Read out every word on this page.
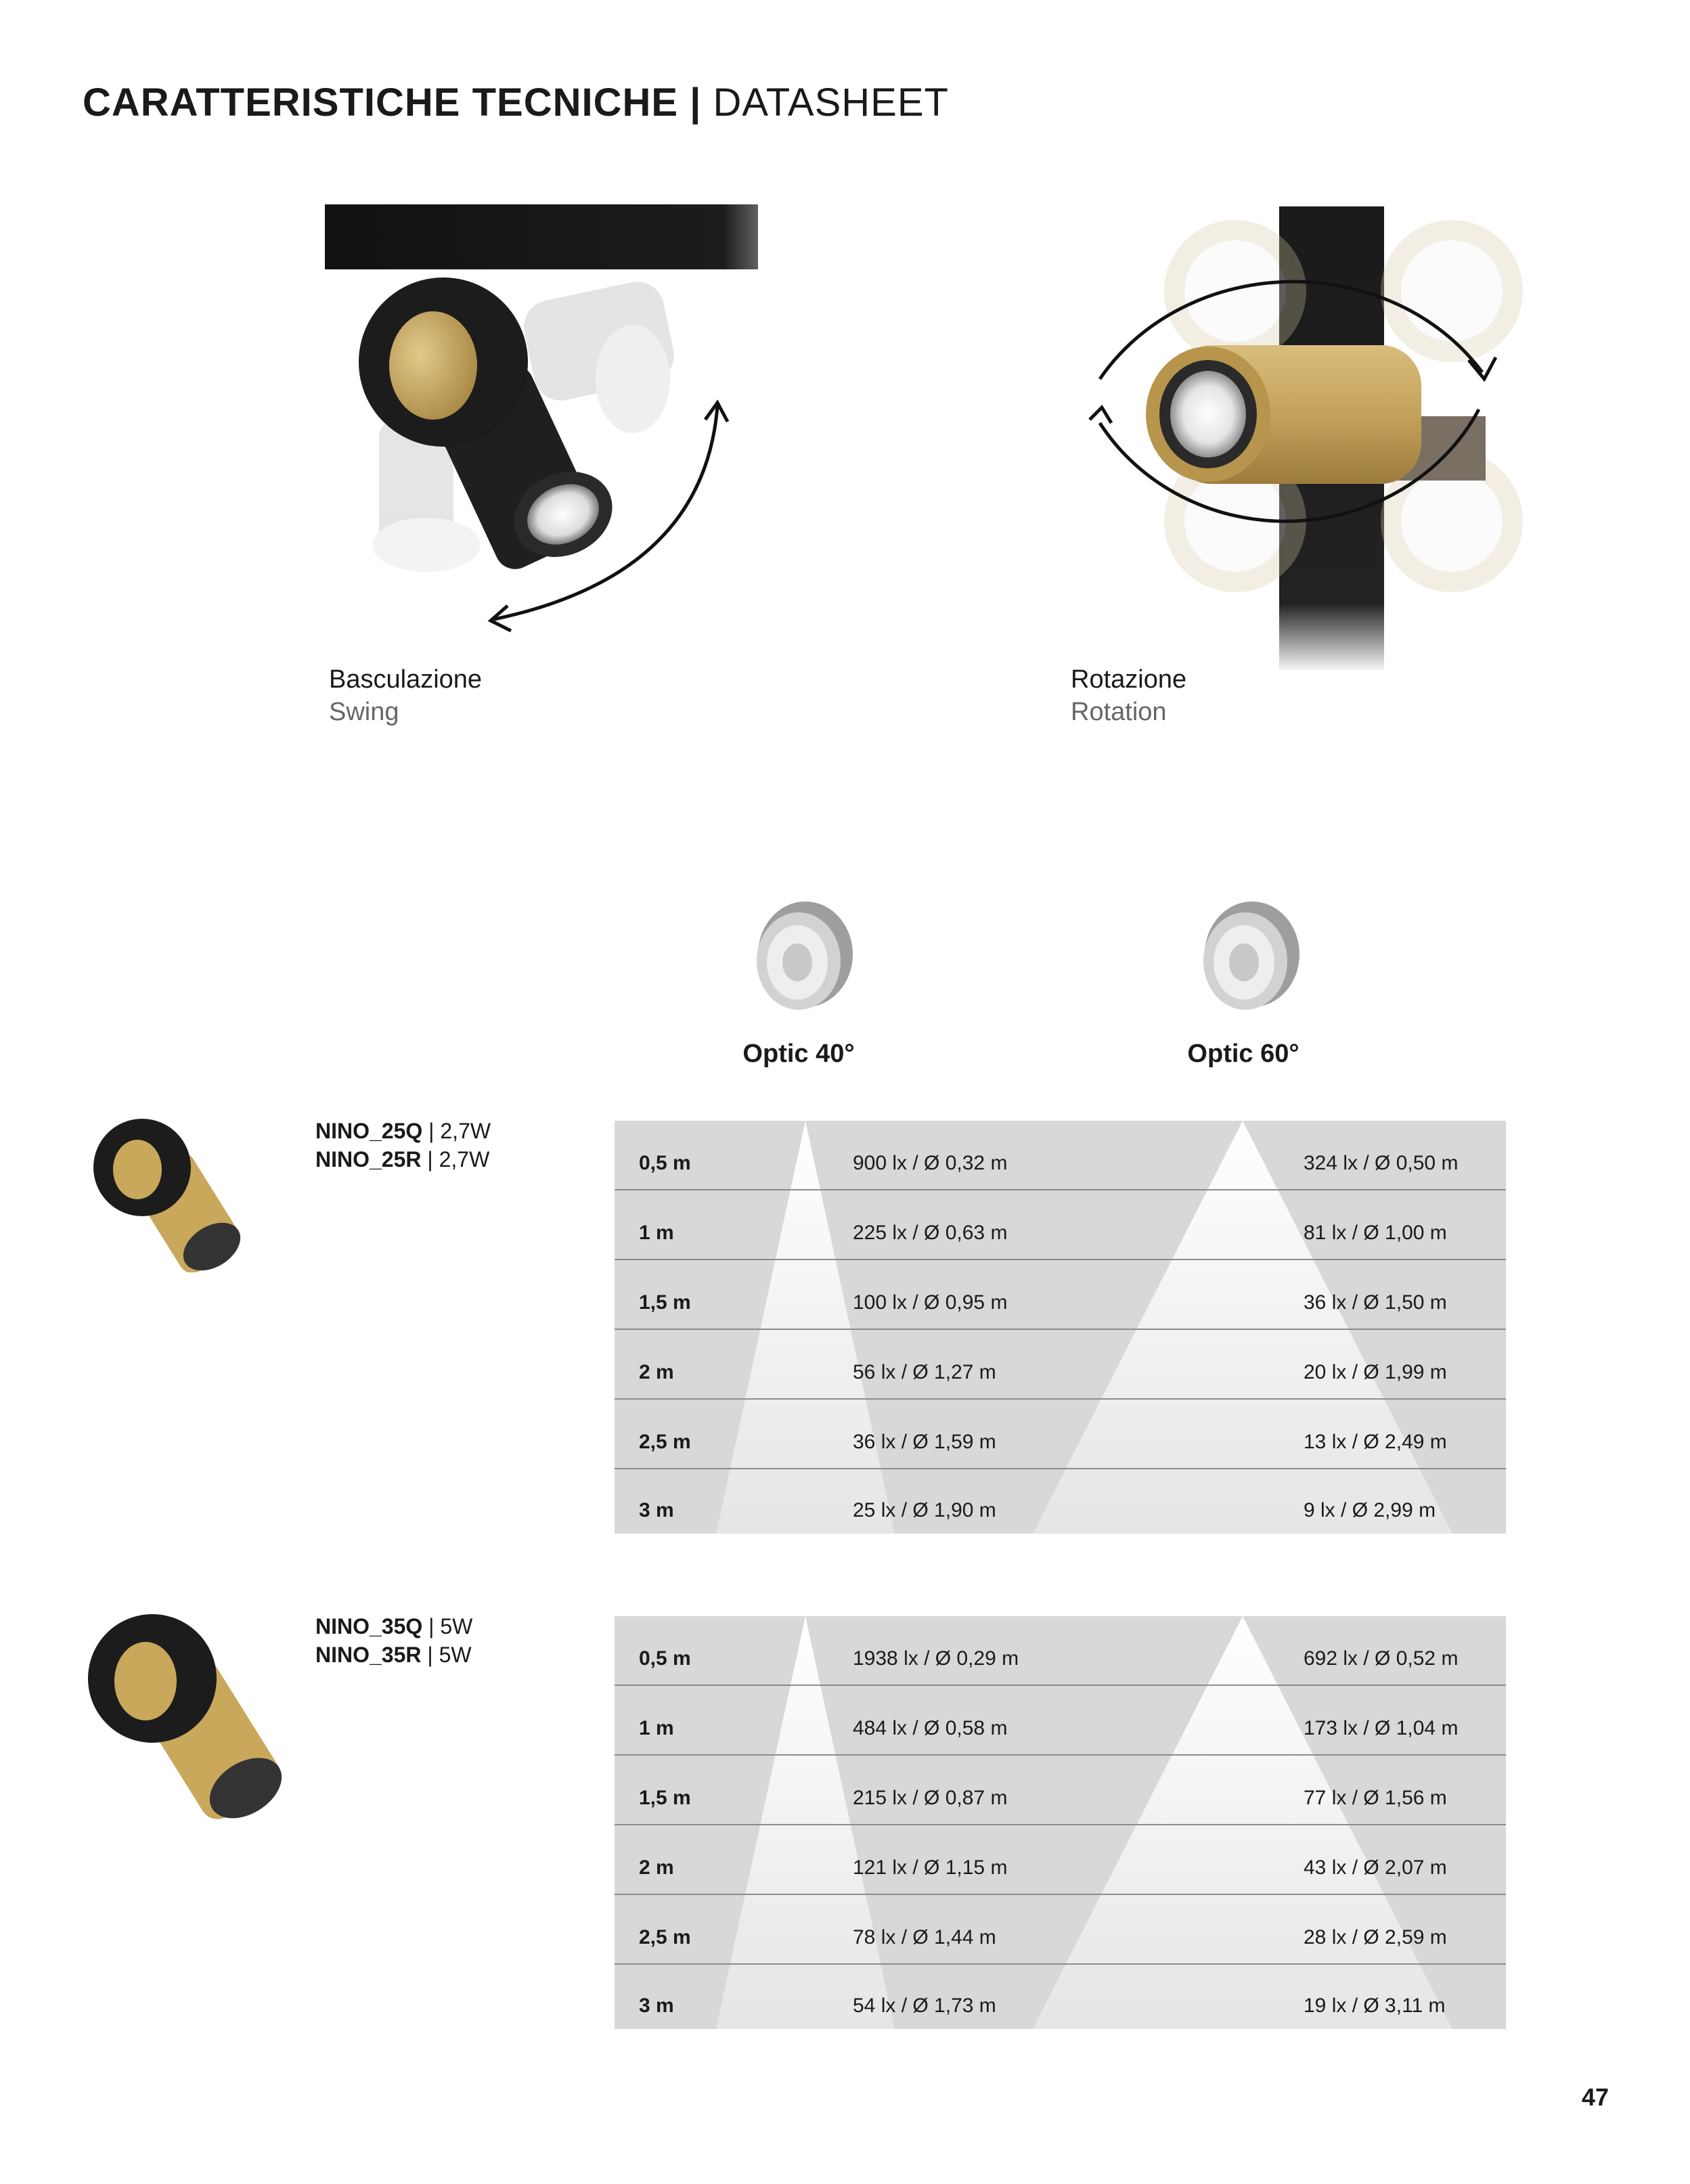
CARATTERISTICHE TECNICHE | DATASHEET
Basculazione
Swing
Rotazione
Rotation
Optic 40°	Optic 60°
NINO_25Q | 2,7W
NINO_25R | 2,7W	0,5 m	900 lx / Ø 0,32 m	324 lx / Ø 0,50 m
1 m	225 lx / Ø 0,63 m	81 lx / Ø 1,00 m
1,5 m	100 lx / Ø 0,95 m	36 lx / Ø 1,50 m
2 m	56 lx / Ø 1,27 m	20 lx / Ø 1,99 m
2,5 m	36 lx / Ø 1,59 m	13 lx / Ø 2,49 m
3 m	25 lx / Ø 1,90 m	9 lx / Ø 2,99 m
NINO_35Q | 5W
NINO_35R | 5W	0,5 m	1938 lx / Ø 0,29 m	692 lx / Ø 0,52 m
1 m	484 lx / Ø 0,58 m	173 lx / Ø 1,04 m
1,5 m	215 lx / Ø 0,87 m	77 lx / Ø 1,56 m
2 m	121 lx / Ø 1,15 m	43 lx / Ø 2,07 m
2,5 m	78 lx / Ø 1,44 m	28 lx / Ø 2,59 m
3 m	54 lx / Ø 1,73 m	19 lx / Ø 3,11 m
47
